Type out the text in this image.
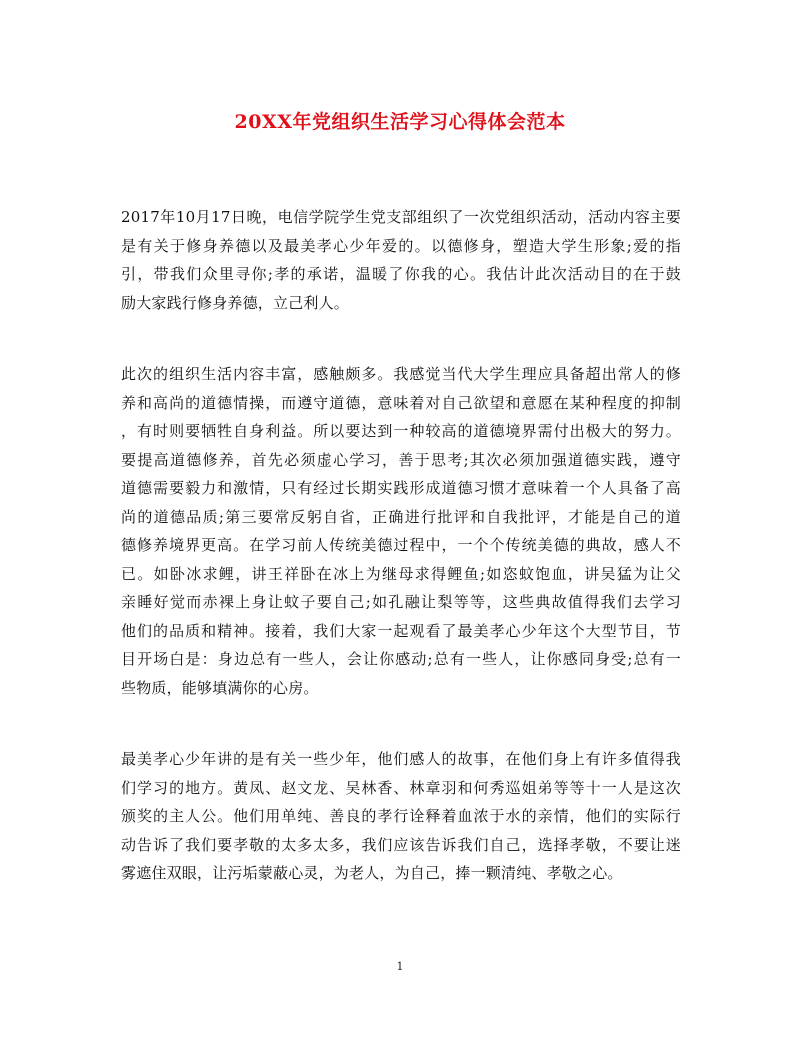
20XX年党组织生活学习心得体会范本
2017年10月17日晚，电信学院学生党支部组织了一次党组织活动，活动内容主要
是有关于修身养德以及最美孝心少年爱的。以德修身，塑造大学生形象;爱的指
引，带我们众里寻你;孝的承诺，温暖了你我的心。我估计此次活动目的在于鼓
励大家践行修身养德，立己利人。
此次的组织生活内容丰富，感触颇多。我感觉当代大学生理应具备超出常人的修
养和高尚的道德情操，而遵守道德，意味着对自己欲望和意愿在某种程度的抑制
，有时则要牺牲自身利益。所以要达到一种较高的道德境界需付出极大的努力。
要提高道德修养，首先必须虚心学习，善于思考;其次必须加强道德实践，遵守
道德需要毅力和激情，只有经过长期实践形成道德习惯才意味着一个人具备了高
尚的道德品质;第三要常反躬自省，正确进行批评和自我批评，才能是自己的道
德修养境界更高。在学习前人传统美德过程中，一个个传统美德的典故，感人不
已。如卧冰求鲤，讲王祥卧在冰上为继母求得鲤鱼;如恣蚊饱血，讲吴猛为让父
亲睡好觉而赤裸上身让蚊子要自己;如孔融让梨等等，这些典故值得我们去学习
他们的品质和精神。接着，我们大家一起观看了最美孝心少年这个大型节目，节
目开场白是：身边总有一些人，会让你感动;总有一些人，让你感同身受;总有一
些物质，能够填满你的心房。
最美孝心少年讲的是有关一些少年，他们感人的故事，在他们身上有许多值得我
们学习的地方。黄凤、赵文龙、吴林香、林章羽和何秀巡姐弟等等十一人是这次
颁奖的主人公。他们用单纯、善良的孝行诠释着血浓于水的亲情，他们的实际行
动告诉了我们要孝敬的太多太多，我们应该告诉我们自己，选择孝敬，不要让迷
雾遮住双眼，让污垢蒙蔽心灵，为老人，为自己，捧一颗清纯、孝敬之心。
1
